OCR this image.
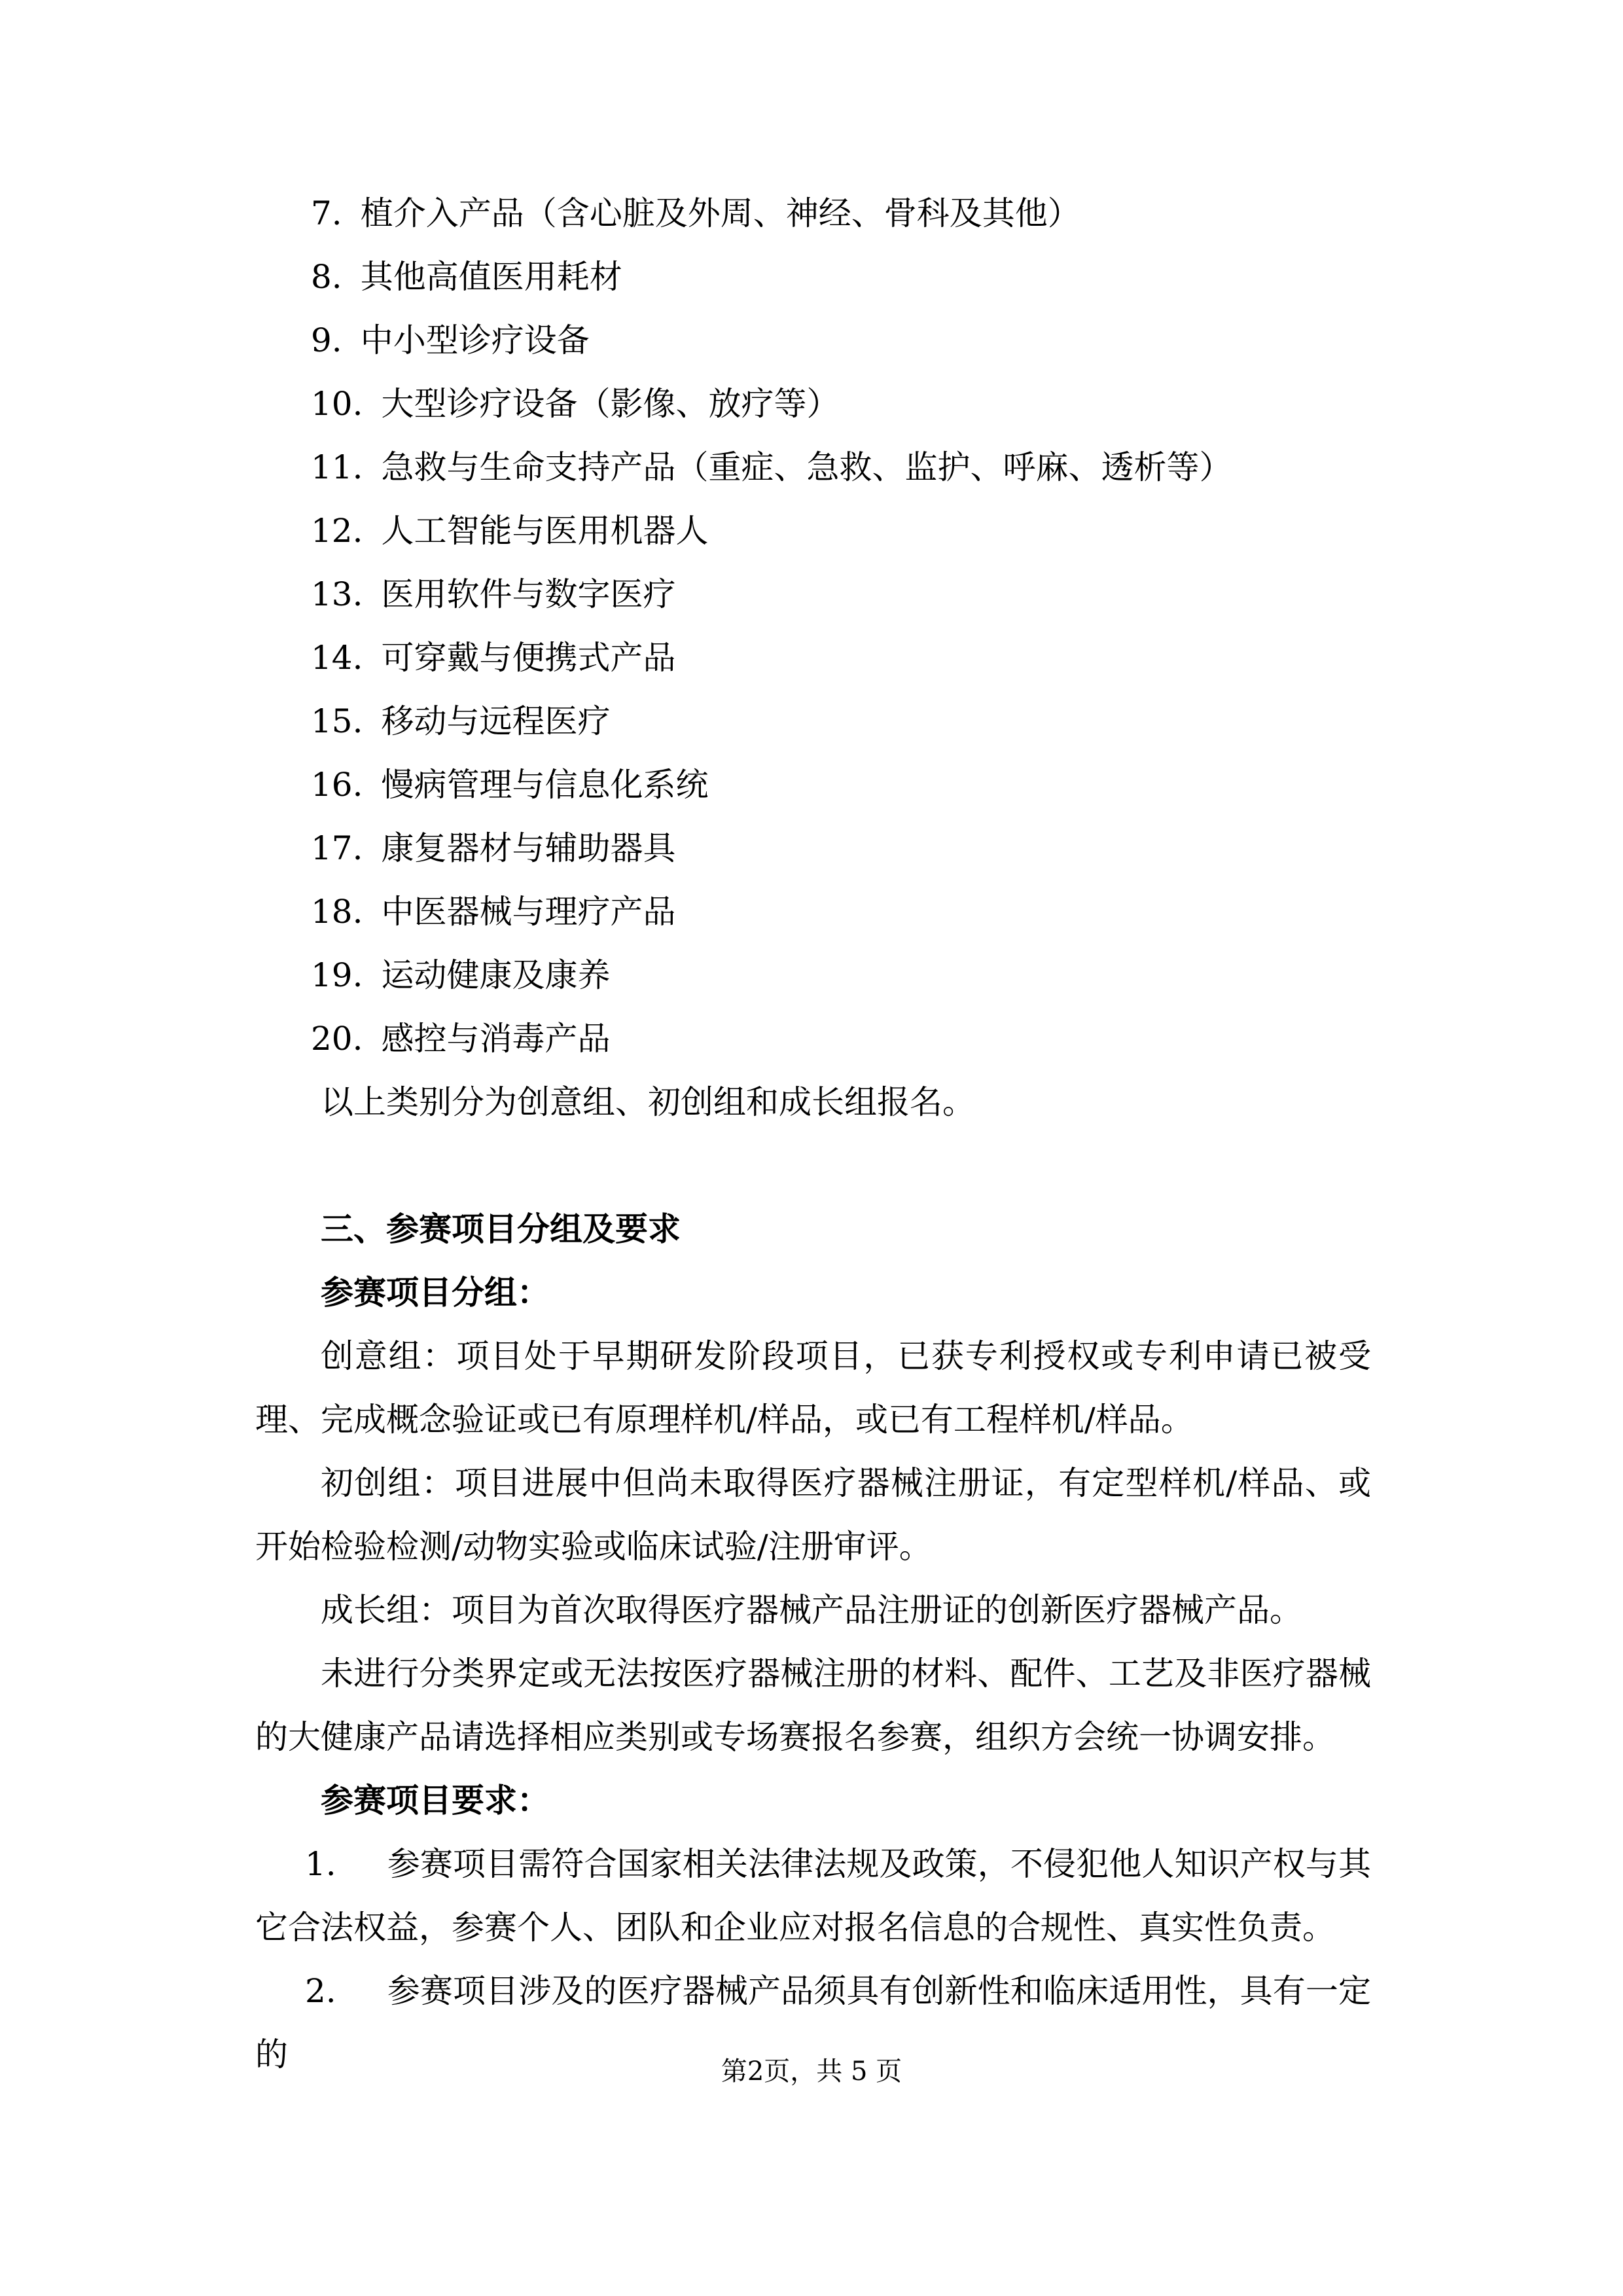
7. 植介入产品（含心脏及外周、神经、骨科及其他）
8. 其他高值医用耗材
9. 中小型诊疗设备
10. 大型诊疗设备（影像、放疗等）
11. 急救与生命支持产品（重症、急救、监护、呼麻、透析等）
12. 人工智能与医用机器人
13. 医用软件与数字医疗
14. 可穿戴与便携式产品
15. 移动与远程医疗
16. 慢病管理与信息化系统
17. 康复器材与辅助器具
18. 中医器械与理疗产品
19. 运动健康及康养
20. 感控与消毒产品
以上类别分为创意组、初创组和成长组报名。
三、参赛项目分组及要求
参赛项目分组：

创意组：项目处于早期研发阶段项目，已获专利授权或专利申请已被受理、完成概念验证或已有原理样机/样品，或已有工程样机/样品。

初创组：项目进展中但尚未取得医疗器械注册证，有定型样机/样品、或开始检验检测/动物实验或临床试验/注册审评。

成长组：项目为首次取得医疗器械产品注册证的创新医疗器械产品。

未进行分类界定或无法按医疗器械注册的材料、配件、工艺及非医疗器械的大健康产品请选择相应类别或专场赛报名参赛，组织方会统一协调安排。

参赛项目要求：

1. 参赛项目需符合国家相关法律法规及政策，不侵犯他人知识产权与其它合法权益，参赛个人、团队和企业应对报名信息的合规性、真实性负责。

2. 参赛项目涉及的医疗器械产品须具有创新性和临床适用性，具有一定的	第2页，共 5 页
